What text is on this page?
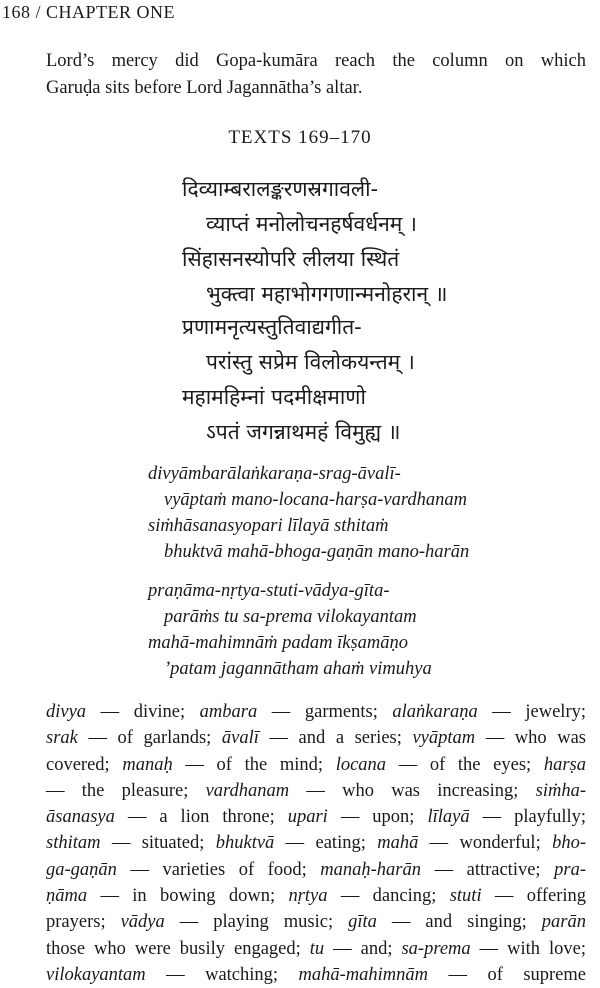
168 / CHAPTER ONE
Lord’s mercy did Gopa-kumāra reach the column on which
Garuḍa sits before Lord Jagannātha’s altar.
TEXTS 169–170
दिव्याम्बरालङ्करणस्रगावली-
व्याप्तं मनोलोचनहर्षवर्धनम् ।
सिंहासनस्योपरि लीलया स्थितं
भुक्त्वा महाभोगगणान्मनोहरान् ॥
प्रणामनृत्यस्तुतिवाद्यगीत-
परांस्तु सप्रेम विलोकयन्तम् ।
महामहिम्नां पदमीक्षमाणो
ऽपतं जगन्नाथमहं विमुह्य ॥
divyāmbarālaṅkaraṇa-srag-āvalī-
vyāptaṁ mano-locana-harṣa-vardhanam
siṁhāsanasyopari līlayā sthitaṁ
bhuktvā mahā-bhoga-gaṇān mano-harān
praṇāma-nṛtya-stuti-vādya-gīta-
parāṁs tu sa-prema vilokayantam
mahā-mahimnāṁ padam īkṣamāṇo
’patam jagannātham ahaṁ vimuhya
divya — divine; ambara — garments; alaṅkaraṇa — jewelry;
srak — of garlands; āvalī — and a series; vyāptam — who was
covered; manaḥ — of the mind; locana — of the eyes; harṣa
— the pleasure; vardhanam — who was increasing; siṁha-
āsanasya — a lion throne; upari — upon; līlayā — playfully;
sthitam — situated; bhuktvā — eating; mahā — wonderful; bho-
ga-gaṇān — varieties of food; manaḥ-harān — attractive; pra-
ṇāma — in bowing down; nṛtya — dancing; stuti — offering
prayers; vādya — playing music; gīta — and singing; parān
those who were busily engaged; tu — and; sa-prema — with love;
vilokayantam — watching; mahā-mahimnām — of supreme
